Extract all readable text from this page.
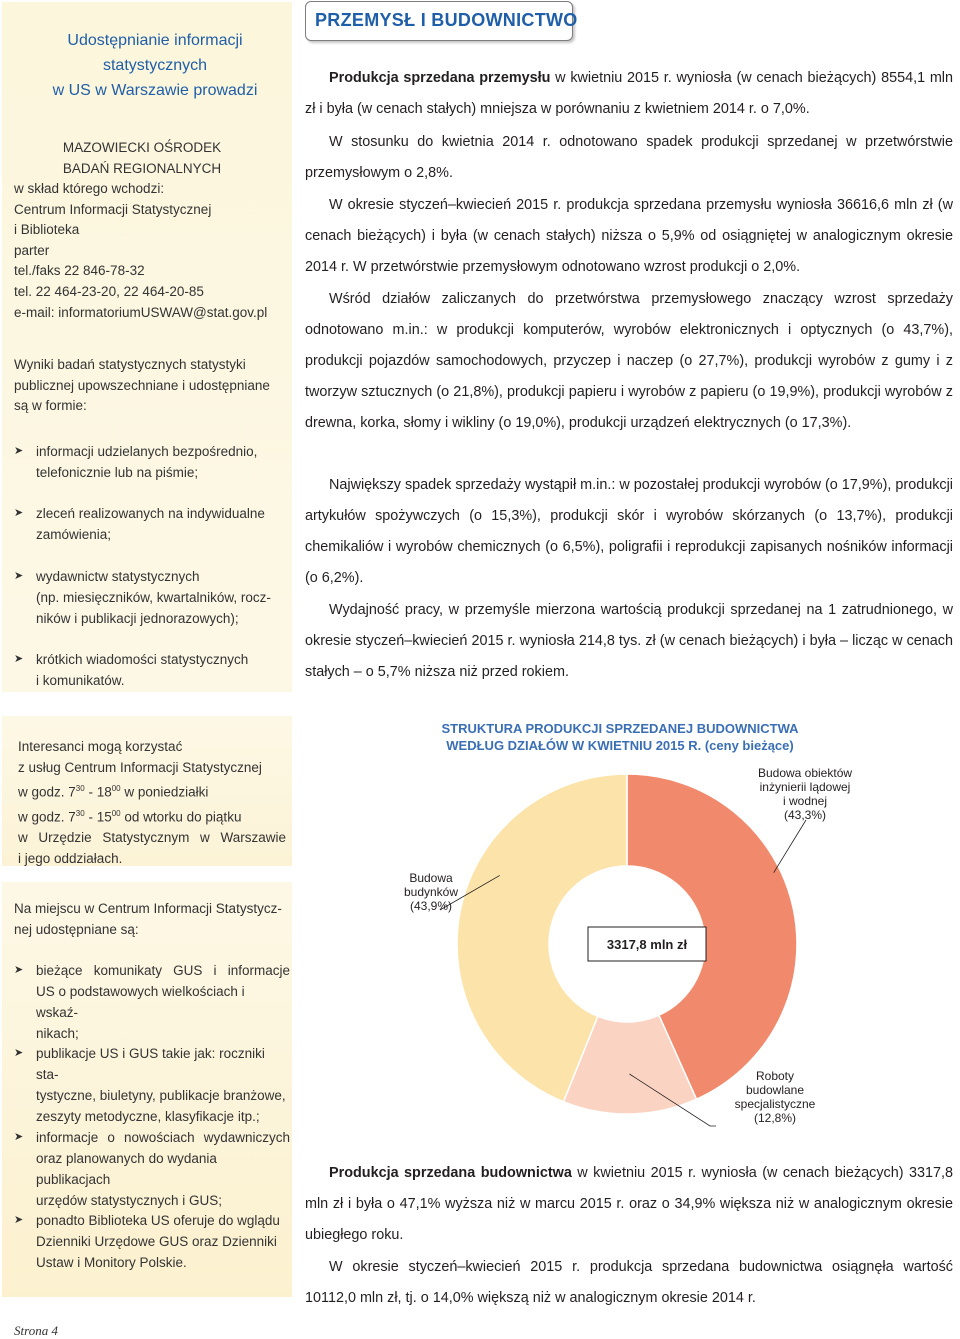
Udostępnianie informacji
statystycznych
w US w Warszawie prowadzi
MAZOWIECKI OŚRODEK
BADAŃ REGIONALNYCH
w skład którego wchodzi:
Centrum Informacji Statystycznej
i Biblioteka
parter
tel./faks 22 846-78-32
tel. 22 464-23-20, 22 464-20-85
e-mail: informatoriumUSWAW@stat.gov.pl
Wyniki badań statystycznych statystyki
publicznej upowszechniane i udostępniane
są w formie:
➤ informacji udzielanych bezpośrednio,
telefonicznie lub na piśmie;
➤ zleceń realizowanych na indywidualne
zamówienia;
➤ wydawnictw statystycznych
(np. miesięczników, kwartalników, rocz-
ników i publikacji jednorazowych);
➤ krótkich wiadomości statystycznych
i komunikatów.
Interesanci mogą korzystać
z usług Centrum Informacji Statystycznej
w godz. $7^{30} - 18^{00}$ w poniedziałki
w godz. $7^{30} - 15^{00}$ od wtorku do piątku
w Urzędzie Statystycznym w Warszawie
i jego oddziałach.
Na miejscu w Centrum Informacji Statystycz-
nej udostępniane są:
➤ bieżące komunikaty GUS i informacje
US o podstawowych wielkościach i wskaź-
nikach;
➤ publikacje US i GUS takie jak: roczniki sta-
tystyczne, biuletyny, publikacje branżowe,
zeszyty metodyczne, klasyfikacje itp.;
➤ informacje o nowościach wydawniczych
oraz planowanych do wydania publikacjach
urzędów statystycznych i GUS;
➤ ponadto Biblioteka US oferuje do wglądu
Dzienniki Urzędowe GUS oraz Dzienniki
Ustaw i Monitory Polskie.
PRZEMYSŁ I BUDOWNICTWO
Produkcja sprzedana przemysłu w kwietniu 2015 r. wyniosła (w cenach bieżących) 8554,1 mln zł i była (w cenach stałych) mniejsza w porównaniu z kwietniem 2014 r. o 7,0%.
W stosunku do kwietnia 2014 r. odnotowano spadek produkcji sprzedanej w przetwórstwie przemysłowym o 2,8%.
W okresie styczeń–kwiecień 2015 r. produkcja sprzedana przemysłu wyniosła 36616,6 mln zł (w cenach bieżących) i była (w cenach stałych) niższa o 5,9% od osiągniętej w analogicznym okresie 2014 r. W przetwórstwie przemysłowym odnotowano wzrost produkcji o 2,0%.
Wśród działów zaliczanych do przetwórstwa przemysłowego znaczący wzrost sprzedaży odnotowano m.in.: w produkcji komputerów, wyrobów elektronicznych i optycznych (o 43,7%), produkcji pojazdów samochodowych, przyczep i naczep (o 27,7%), produkcji wyrobów z gumy i z tworzyw sztucznych (o 21,8%), produkcji papieru i wyrobów z papieru (o 19,9%), produkcji wyrobów z drewna, korka, słomy i wikliny (o 19,0%), produkcji urządzeń elektrycznych (o 17,3%).
Największy spadek sprzedaży wystąpił m.in.: w pozostałej produkcji wyrobów (o 17,9%), produkcji artykułów spożywczych (o 15,3%), produkcji skór i wyrobów skórzanych (o 13,7%), produkcji chemikaliów i wyrobów chemicznych (o 6,5%), poligrafii i reprodukcji zapisanych nośników informacji (o 6,2%).
Wydajność pracy, w przemyśle mierzona wartością produkcji sprzedanej na 1 zatrudnionego, w okresie styczeń–kwiecień 2015 r. wyniosła 214,8 tys. zł (w cenach bieżących) i była – licząc w cenach stałych – o 5,7% niższa niż przed rokiem.
STRUKTURA PRODUKCJI SPRZEDANEJ BUDOWNICTWA
WEDŁUG DZIAŁÓW W KWIETNIU 2015 R. (ceny bieżące)
3317,8 mln zł
Budowa obiektów
inżynierii lądowej
i wodnej
(43,3%)
Budowa
budynków
(43,9%)
Roboty
budowlane
specjalistyczne
(12,8%)
Produkcja sprzedana budownictwa w kwietniu 2015 r. wyniosła (w cenach bieżących) 3317,8 mln zł i była o 47,1% wyższa niż w marcu 2015 r. oraz o 34,9% większa niż w analogicznym okresie ubiegłego roku.
W okresie styczeń–kwiecień 2015 r. produkcja sprzedana budownictwa osiągnęła wartość 10112,0 mln zł, tj. o 14,0% większą niż w analogicznym okresie 2014 r.
Strona 4
